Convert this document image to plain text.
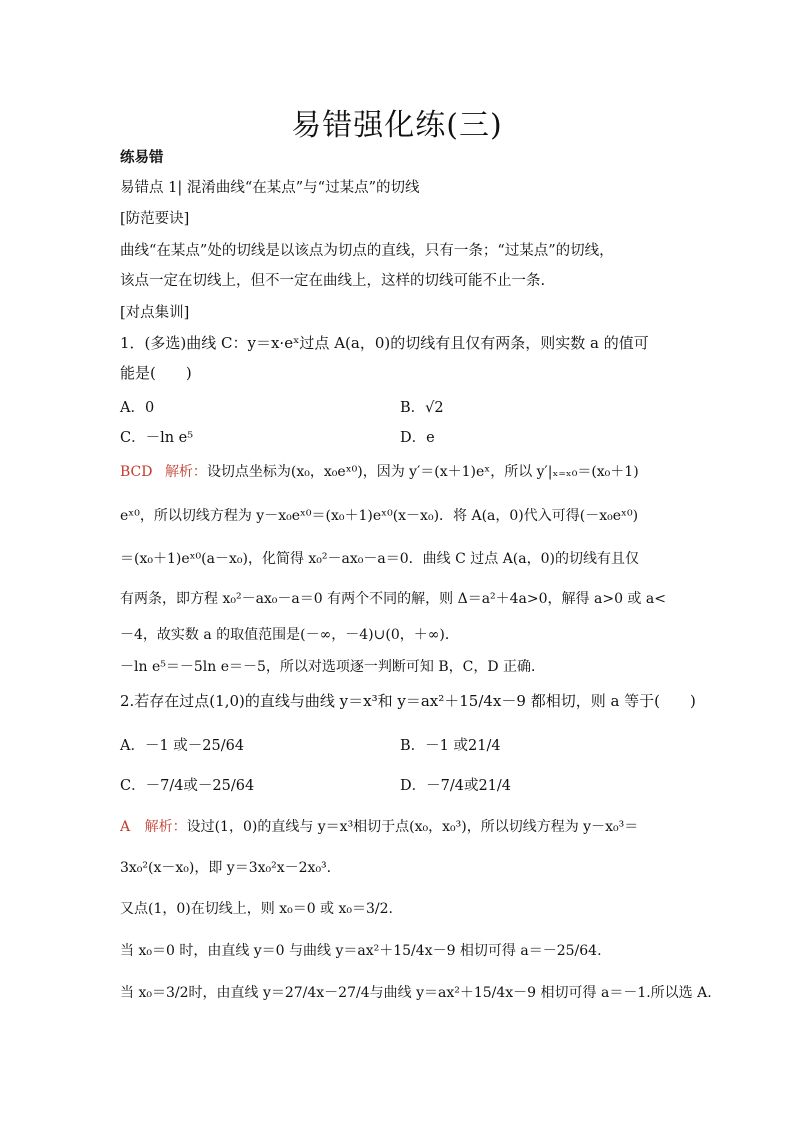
易错强化练(三)
练易错
易错点 1| 混淆曲线“在某点”与“过某点”的切线
[防范要诀]
曲线“在某点”处的切线是以该点为切点的直线，只有一条；“过某点”的切线，
该点一定在切线上，但不一定在曲线上，这样的切线可能不止一条.
[对点集训]
1．(多选)曲线 C：y＝x·eˣ过点 A(a，0)的切线有且仅有两条，则实数 a 的值可
能是(　　)
A．0	B．√2
C．－ln e⁵	D．e
BCD 解析：设切点坐标为(x₀，x₀eˣ⁰)，因为 y′＝(x＋1)eˣ，所以 y′|ₓ₌ₓ₀＝(x₀＋1)
eˣ⁰，所以切线方程为 y－x₀eˣ⁰＝(x₀＋1)eˣ⁰(x－x₀)．将 A(a，0)代入可得(－x₀eˣ⁰)
＝(x₀＋1)eˣ⁰(a－x₀)，化简得 x₀²－ax₀－a＝0．曲线 C 过点 A(a，0)的切线有且仅
有两条，即方程 x₀²－ax₀－a＝0 有两个不同的解，则 Δ＝a²＋4a>0，解得 a>0 或 a<
－4，故实数 a 的取值范围是(－∞，－4)∪(0，＋∞)．
－ln e⁵＝－5ln e＝－5，所以对选项逐一判断可知 B，C，D 正确．
2.若存在过点(1,0)的直线与曲线 y＝x³和 y＝ax²＋15/4x－9 都相切，则 a 等于(　　)
A．－1 或－25/64	B．－1 或21/4
C．－7/4或－25/64	D．－7/4或21/4
A 解析：设过(1，0)的直线与 y＝x³相切于点(x₀，x₀³)，所以切线方程为 y－x₀³＝
3x₀²(x－x₀)，即 y＝3x₀²x－2x₀³.
又点(1，0)在切线上，则 x₀＝0 或 x₀＝3/2.
当 x₀＝0 时，由直线 y＝0 与曲线 y＝ax²＋15/4x－9 相切可得 a＝－25/64.
当 x₀＝3/2时，由直线 y＝27/4x－27/4与曲线 y＝ax²＋15/4x－9 相切可得 a＝－1.所以选 A.
